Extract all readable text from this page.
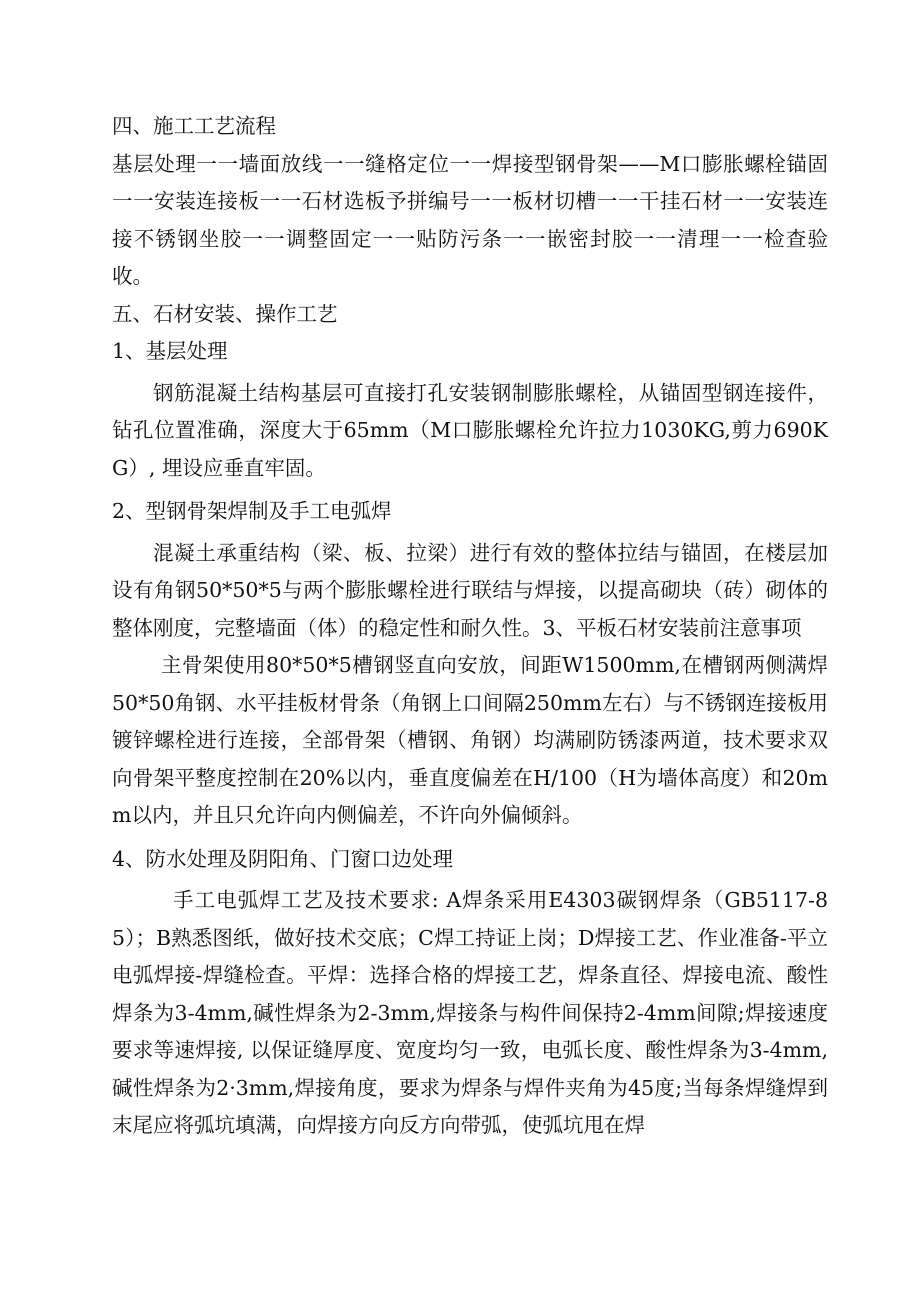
四、施工工艺流程

基层处理一一墙面放线一一缝格定位一一焊接型钢骨架——M口膨胀螺栓锚固一一安装连接板一一石材选板予拼编号一一板材切槽一一干挂石材一一安装连接不锈钢坐胶一一调整固定一一贴防污条一一嵌密封胶一一清理一一检查验收。

五、石材安装、操作工艺

1、基层处理

钢筋混凝土结构基层可直接打孔安装钢制膨胀螺栓，从锚固型钢连接件，钻孔位置准确，深度大于65mm（M口膨胀螺栓允许拉力1030KG,剪力690KG）, 埋设应垂直牢固。

2、型钢骨架焊制及手工电弧焊

混凝土承重结构（梁、板、拉梁）进行有效的整体拉结与锚固，在楼层加设有角钢50*50*5与两个膨胀螺栓进行联结与焊接，以提高砌块（砖）砌体的整体刚度，完整墙面（体）的稳定性和耐久性。3、平板石材安装前注意事项

主骨架使用80*50*5槽钢竖直向安放，间距W1500mm,在槽钢两侧满焊50*50角钢、水平挂板材骨条（角钢上口间隔250mm左右）与不锈钢连接板用镀锌螺栓进行连接，全部骨架（槽钢、角钢）均满刷防锈漆两道，技术要求双向骨架平整度控制在20%以内，垂直度偏差在H/100（H为墙体高度）和20mm以内，并且只允许向内侧偏差，不许向外偏倾斜。

4、防水处理及阴阳角、门窗口边处理

手工电弧焊工艺及技术要求: A焊条采用E4303碳钢焊条（GB5117-85）；B熟悉图纸，做好技术交底；C焊工持证上岗；D焊接工艺、作业准备-平立电弧焊接-焊缝检查。平焊：选择合格的焊接工艺，焊条直径、焊接电流、酸性焊条为3-4mm,碱性焊条为2-3mm,焊接条与构件间保持2-4mm间隙;焊接速度要求等速焊接, 以保证缝厚度、宽度均匀一致，电弧长度、酸性焊条为3-4mm,碱性焊条为2·3mm,焊接角度，要求为焊条与焊件夹角为45度;当每条焊缝焊到末尾应将弧坑填满，向焊接方向反方向带弧，使弧坑甩在焊
